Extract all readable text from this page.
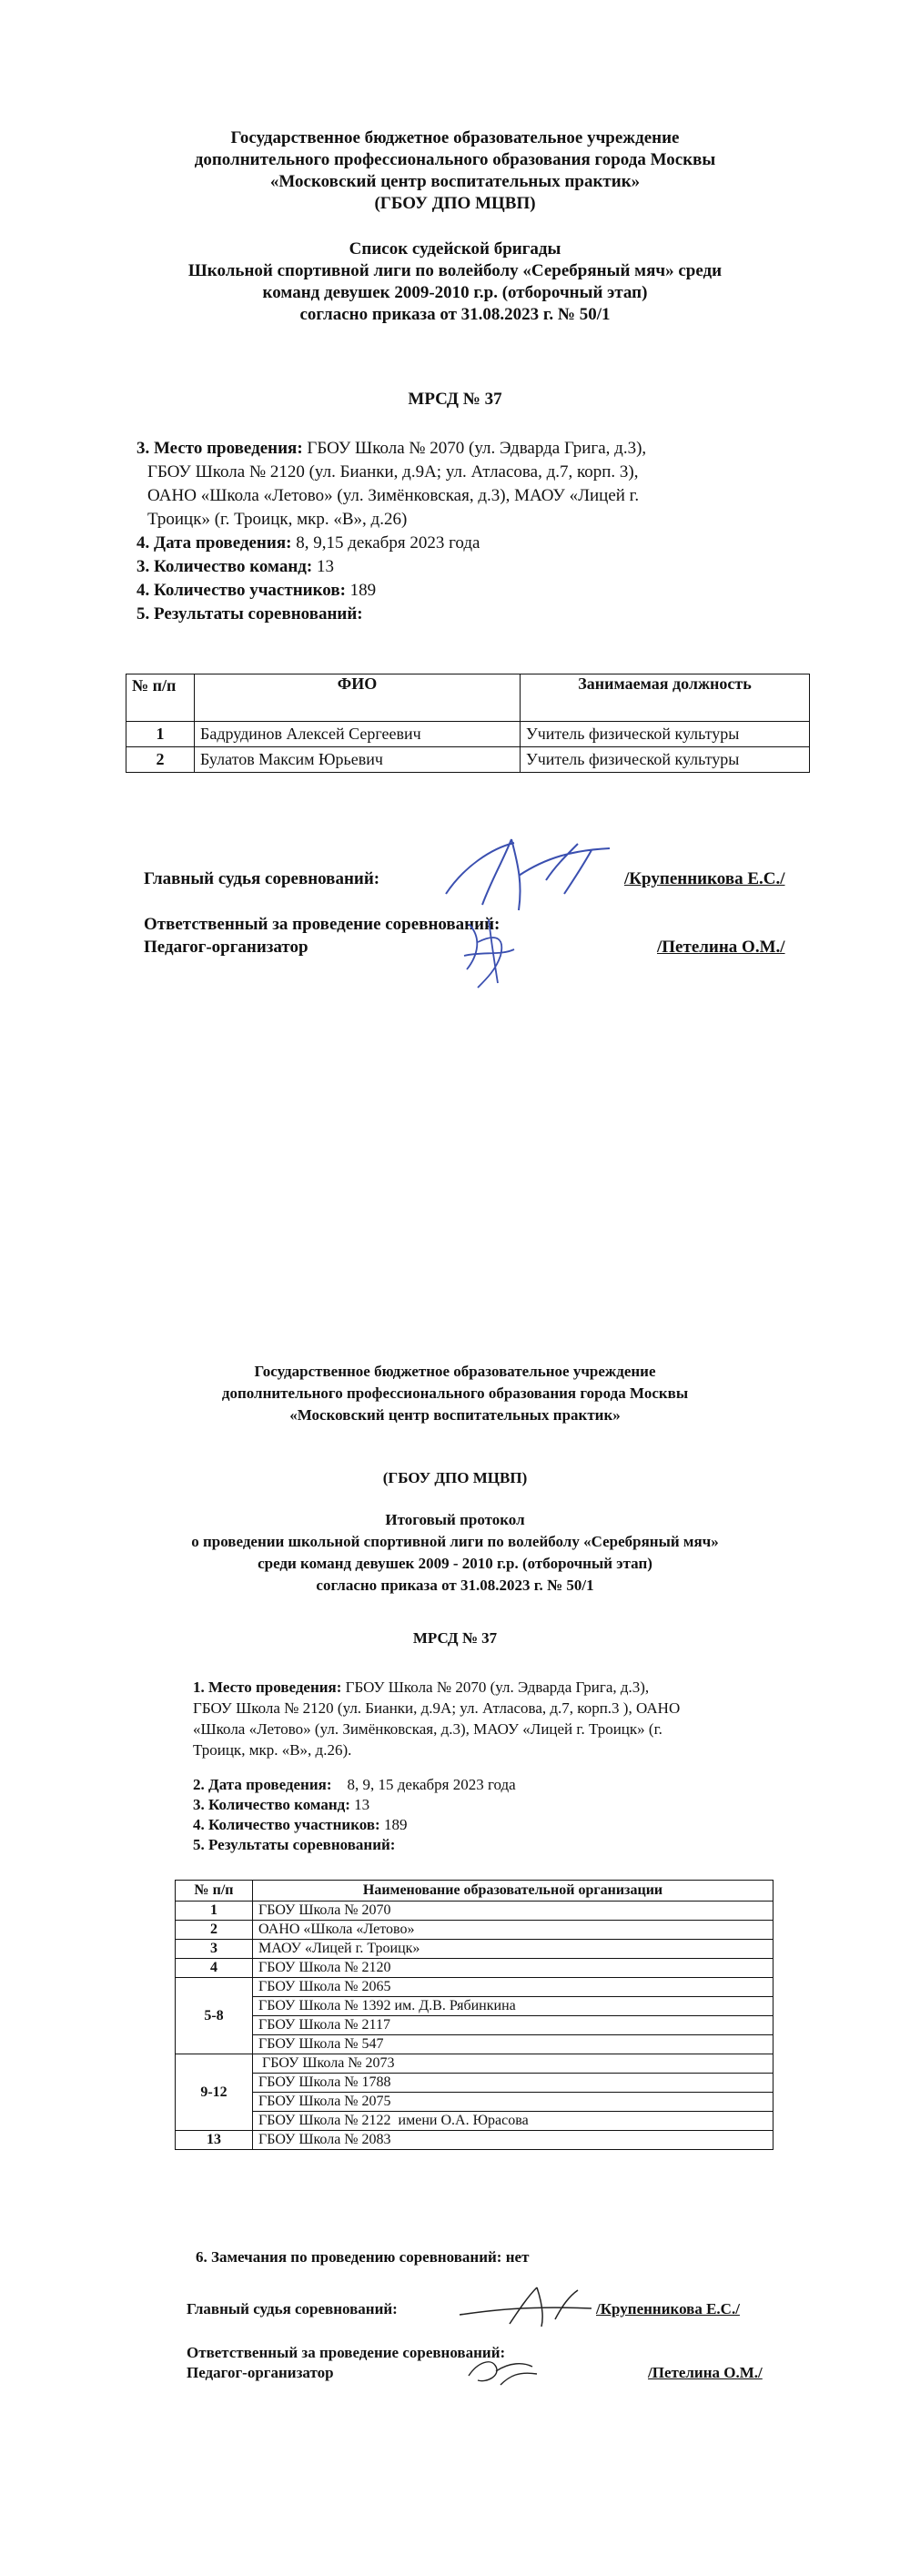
Государственное бюджетное образовательное учреждение
дополнительного профессионального образования города Москвы
«Московский центр воспитательных практик»
(ГБОУ ДПО МЦВП)
Список судейской бригады
Школьной спортивной лиги по волейболу «Серебряный мяч» среди
команд девушек 2009-2010 г.р. (отборочный этап)
согласно приказа от 31.08.2023 г. № 50/1
МРСД № 37
3. Место проведения: ГБОУ Школа № 2070 (ул. Эдварда Грига, д.3),
ГБОУ Школа № 2120 (ул. Бианки, д.9А; ул. Атласова, д.7, корп. 3),
ОАНО «Школа «Летово» (ул. Зимёнковская, д.3), МАОУ «Лицей г.
Троицк» (г. Троицк, мкр. «В», д.26)
4. Дата проведения: 8, 9,15 декабря 2023 года
3. Количество команд: 13
4. Количество участников: 189
5. Результаты соревнований:
№ п/п	ФИО	Занимаемая должность
1	Бадрудинов Алексей Сергеевич	Учитель физической культуры
2	Булатов Максим Юрьевич	Учитель физической культуры
Главный судья соревнований:	/Крупенникова Е.С./
Ответственный за проведение соревнований:
Педагог-организатор	/Петелина О.М./
Государственное бюджетное образовательное учреждение
дополнительного профессионального образования города Москвы
«Московский центр воспитательных практик»
(ГБОУ ДПО МЦВП)
Итоговый протокол
о проведении школьной спортивной лиги по волейболу «Серебряный мяч»
среди команд девушек 2009 - 2010 г.р. (отборочный этап)
согласно приказа от 31.08.2023 г. № 50/1
МРСД № 37
1. Место проведения: ГБОУ Школа № 2070 (ул. Эдварда Грига, д.3),
ГБОУ Школа № 2120 (ул. Бианки, д.9А; ул. Атласова, д.7, корп.3 ), ОАНО
«Школа «Летово» (ул. Зимёнковская, д.3), МАОУ «Лицей г. Троицк» (г.
Троицк, мкр. «В», д.26).
2. Дата проведения:    8, 9, 15 декабря 2023 года
3. Количество команд: 13
4. Количество участников: 189
5. Результаты соревнований:
№ п/п	Наименование образовательной организации
1	ГБОУ Школа № 2070
2	ОАНО «Школа «Летово»
3	МАОУ «Лицей г. Троицк»
4	ГБОУ Школа № 2120
5-8	ГБОУ Школа № 2065
	ГБОУ Школа № 1392 им. Д.В. Рябинкина
	ГБОУ Школа № 2117
	ГБОУ Школа № 547
9-12	ГБОУ Школа № 2073
	ГБОУ Школа № 1788
	ГБОУ Школа № 2075
	ГБОУ Школа № 2122  имени О.А. Юрасова
13	ГБОУ Школа № 2083
6. Замечания по проведению соревнований: нет
Главный судья соревнований:	/Крупенникова Е.С./
Ответственный за проведение соревнований:
Педагог-организатор	/Петелина О.М./
